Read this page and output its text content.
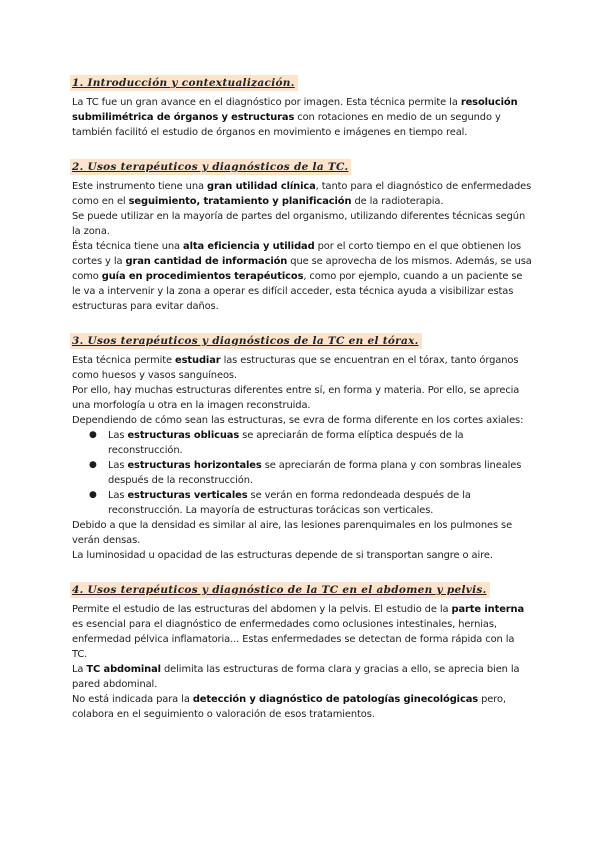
1. Introducción y contextualización.

La TC fue un gran avance en el diagnóstico por imagen. Esta técnica permite la resolución submilimétrica de órganos y estructuras con rotaciones en medio de un segundo y también facilitó el estudio de órganos en movimiento e imágenes en tiempo real.

2. Usos terapéuticos y diagnósticos de la TC.

Este instrumento tiene una gran utilidad clínica, tanto para el diagnóstico de enfermedades como en el seguimiento, tratamiento y planificación de la radioterapia.

Se puede utilizar en la mayoría de partes del organismo, utilizando diferentes técnicas según la zona.

Ésta técnica tiene una alta eficiencia y utilidad por el corto tiempo en el que obtienen los cortes y la gran cantidad de información que se aprovecha de los mismos. Además, se usa como guía en procedimientos terapéuticos, como por ejemplo, cuando a un paciente se le va a intervenir y la zona a operar es difícil acceder, esta técnica ayuda a visibilizar estas estructuras para evitar daños.

3. Usos terapéuticos y diagnósticos de la TC en el tórax.

Esta técnica permite estudiar las estructuras que se encuentran en el tórax, tanto órganos como huesos y vasos sanguíneos.

Por ello, hay muchas estructuras diferentes entre sí, en forma y materia. Por ello, se aprecia una morfología u otra en la imagen reconstruida.

Dependiendo de cómo sean las estructuras, se evra de forma diferente en los cortes axiales:

● Las estructuras oblicuas se apreciarán de forma elíptica después de la reconstrucción.
● Las estructuras horizontales se apreciarán de forma plana y con sombras lineales después de la reconstrucción.
● Las estructuras verticales se verán en forma redondeada después de la reconstrucción. La mayoría de estructuras torácicas son verticales.

Debido a que la densidad es similar al aire, las lesiones parenquimales en los pulmones se verán densas.

La luminosidad u opacidad de las estructuras depende de si transportan sangre o aire.

4. Usos terapéuticos y diagnóstico de la TC en el abdomen y pelvis.

Permite el estudio de las estructuras del abdomen y la pelvis. El estudio de la parte interna es esencial para el diagnóstico de enfermedades como oclusiones intestinales, hernias, enfermedad pélvica inflamatoria... Estas enfermedades se detectan de forma rápida con la TC.

La TC abdominal delimita las estructuras de forma clara y gracias a ello, se aprecia bien la pared abdominal.

No está indicada para la detección y diagnóstico de patologías ginecológicas pero, colabora en el seguimiento o valoración de esos tratamientos.
